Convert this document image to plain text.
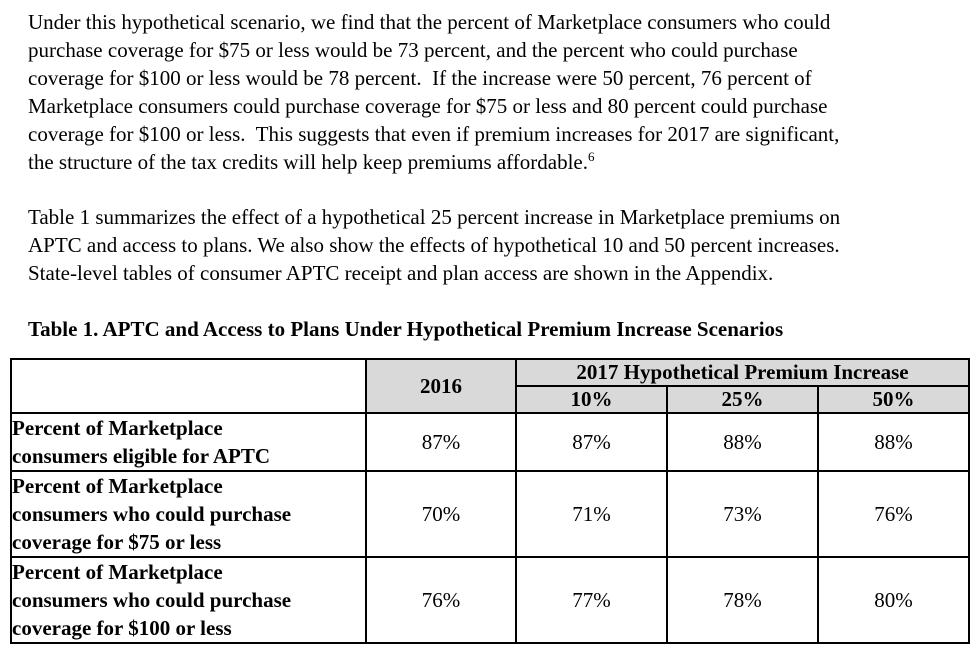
Under this hypothetical scenario, we find that the percent of Marketplace consumers who could
purchase coverage for $75 or less would be 73 percent, and the percent who could purchase
coverage for $100 or less would be 78 percent.  If the increase were 50 percent, 76 percent of
Marketplace consumers could purchase coverage for $75 or less and 80 percent could purchase
coverage for $100 or less.  This suggests that even if premium increases for 2017 are significant,
the structure of the tax credits will help keep premiums affordable.$^6$
Table 1 summarizes the effect of a hypothetical 25 percent increase in Marketplace premiums on
APTC and access to plans. We also show the effects of hypothetical 10 and 50 percent increases.
State-level tables of consumer APTC receipt and plan access are shown in the Appendix.
Table 1. APTC and Access to Plans Under Hypothetical Premium Increase Scenarios
	2016	2017 Hypothetical Premium Increase		
		10%	25%	50%

Percent of Marketplace
consumers eligible for APTC	87%	87%	88%	88%

Percent of Marketplace
consumers who could purchase
coverage for $75 or less	70%	71%	73%	76%

Percent of Marketplace
consumers who could purchase
coverage for $100 or less	76%	77%	78%	80%
